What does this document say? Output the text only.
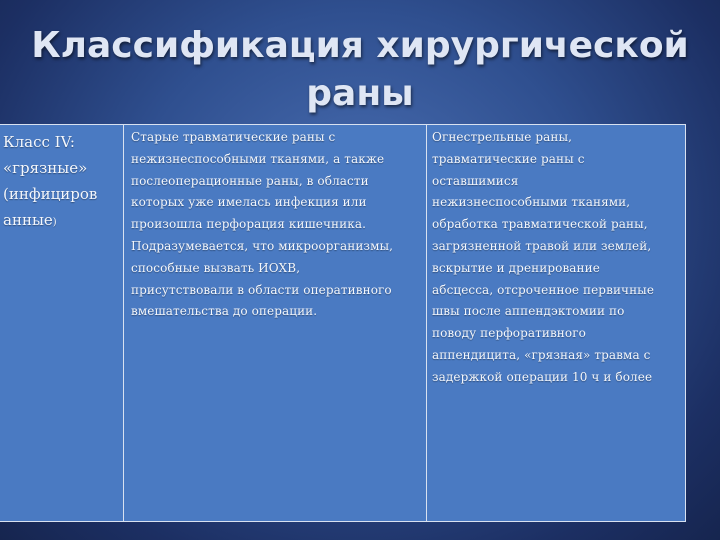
Классификация хирургической
раны
Класс IV:
«грязные»
(инфициров
анные)
Старые травматические раны с
нежизнеспособными тканями, а также
послеоперационные раны, в области
которых уже имелась инфекция или
произошла перфорация кишечника.
Подразумевается, что микроорганизмы,
способные вызвать ИОХВ,
присутствовали в области оперативного
вмешательства до операции.
Огнестрельные раны,
травматические раны с
оставшимися
нежизнеспособными тканями,
обработка травматической раны,
загрязненной травой или землей,
вскрытие и дренирование
абсцесса, отсроченное первичные
швы после аппендэктомии по
поводу перфоративного
аппендицита, «грязная» травма с
задержкой операции 10 ч и более
